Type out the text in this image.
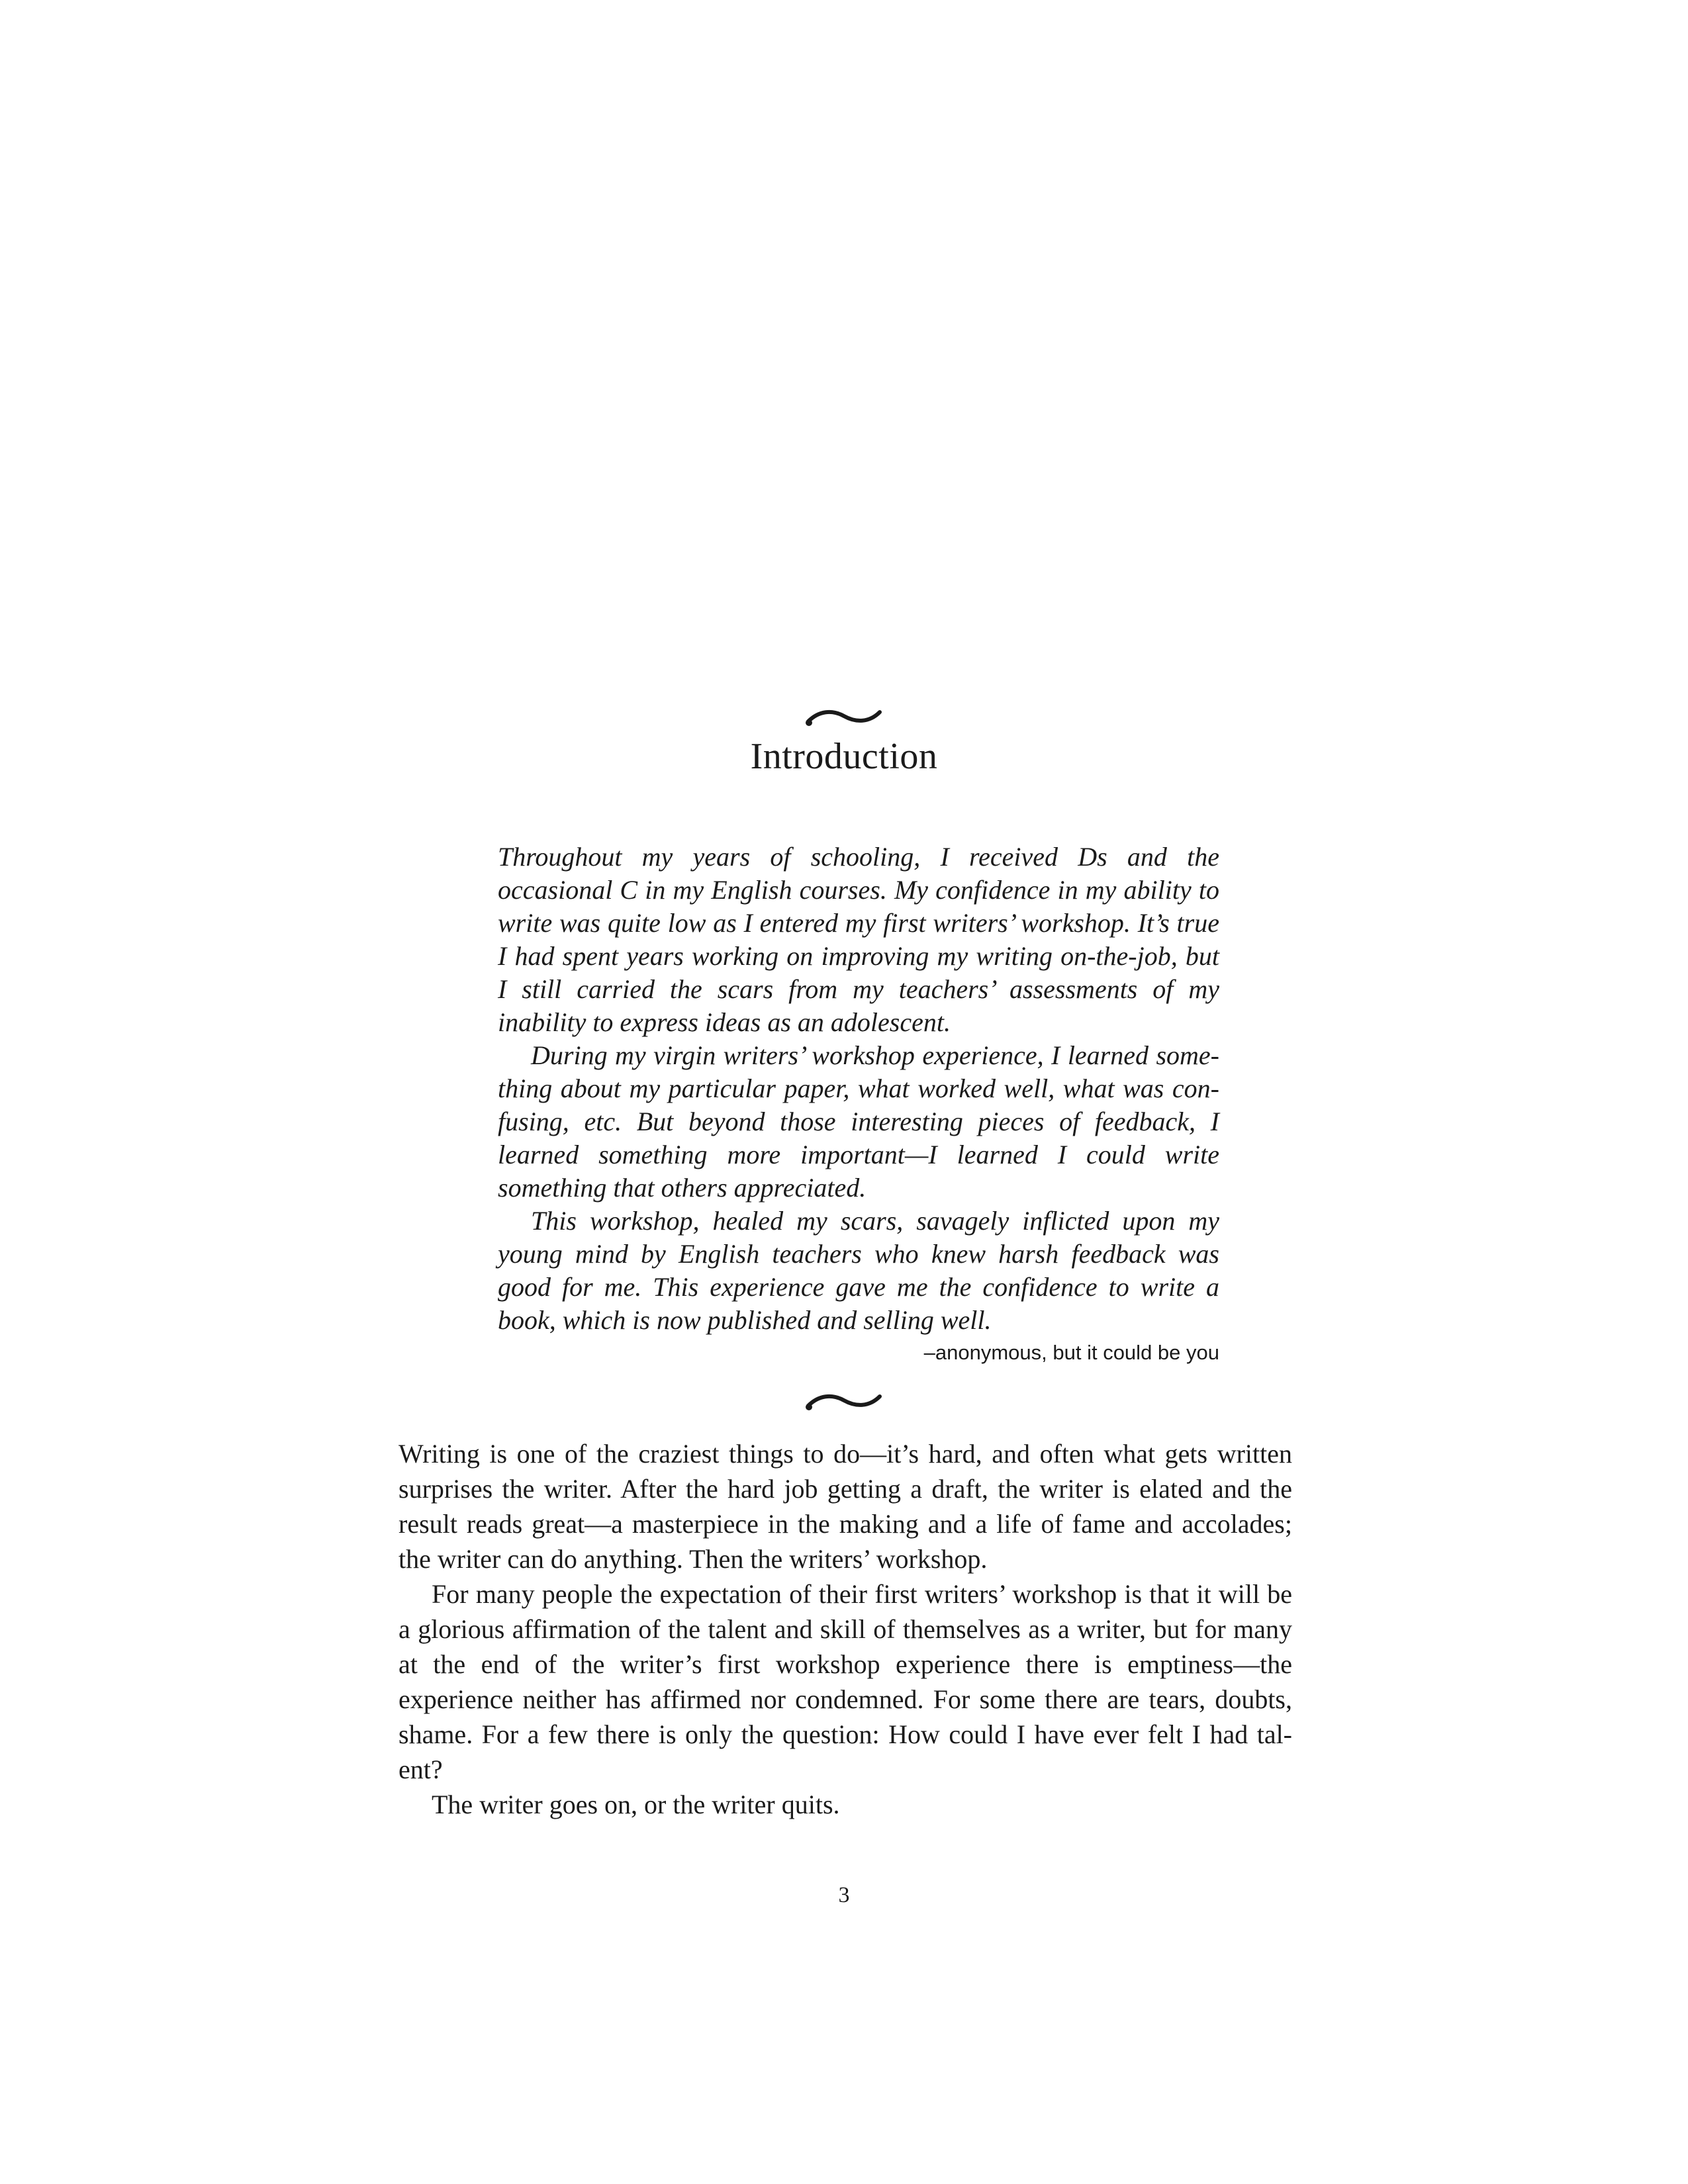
Introduction

Throughout my years of schooling, I received Ds and the occasional C in my English courses. My confidence in my ability to write was quite low as I entered my first writers’ workshop. It’s true I had spent years working on improving my writing on-the-job, but I still carried the scars from my teachers’ assessments of my inability to express ideas as an adolescent.

During my virgin writers’ workshop experience, I learned some-thing about my particular paper, what worked well, what was con-fusing, etc. But beyond those interesting pieces of feedback, I learned something more important—I learned I could write something that others appreciated.

This workshop, healed my scars, savagely inflicted upon my young mind by English teachers who knew harsh feedback was good for me. This experience gave me the confidence to write a book, which is now published and selling well.

–anonymous, but it could be you

Writing is one of the craziest things to do—it’s hard, and often what gets written surprises the writer. After the hard job getting a draft, the writer is elated and the result reads great—a masterpiece in the making and a life of fame and accolades; the writer can do anything. Then the writers’ workshop.

For many people the expectation of their first writers’ workshop is that it will be a glorious affirmation of the talent and skill of themselves as a writer, but for many at the end of the writer’s first workshop experience there is emptiness—the experience neither has affirmed nor condemned. For some there are tears, doubts, shame. For a few there is only the question: How could I have ever felt I had tal-ent?

The writer goes on, or the writer quits.

3
